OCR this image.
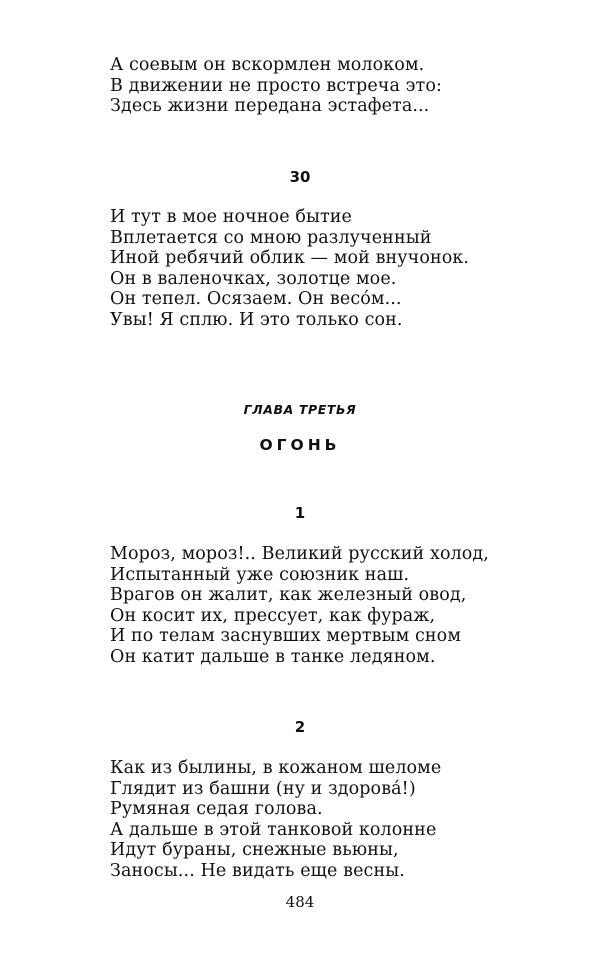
А соевым он вскормлен молоком.
В движении не просто встреча это:
Здесь жизни передана эстафета...

30

И тут в мое ночное бытие
Вплетается со мною разлученный
Иной ребячий облик — мой внучонок.
Он в валеночках, золотце мое.
Он тепел. Осязаем. Он весо́м...
Увы! Я сплю. И это только сон.

ГЛАВА ТРЕТЬЯ

ОГОНЬ

1

Мороз, мороз!.. Великий русский холод,
Испытанный уже союзник наш.
Врагов он жалит, как железный овод,
Он косит их, прессует, как фураж,
И по телам заснувших мертвым сном
Он катит дальше в танке ледяном.

2

Как из былины, в кожаном шеломе
Глядит из башни (ну и здорова́!)
Румяная седая голова.
А дальше в этой танковой колонне
Идут бураны, снежные вьюны,
Заносы... Не видать еще весны.

484
